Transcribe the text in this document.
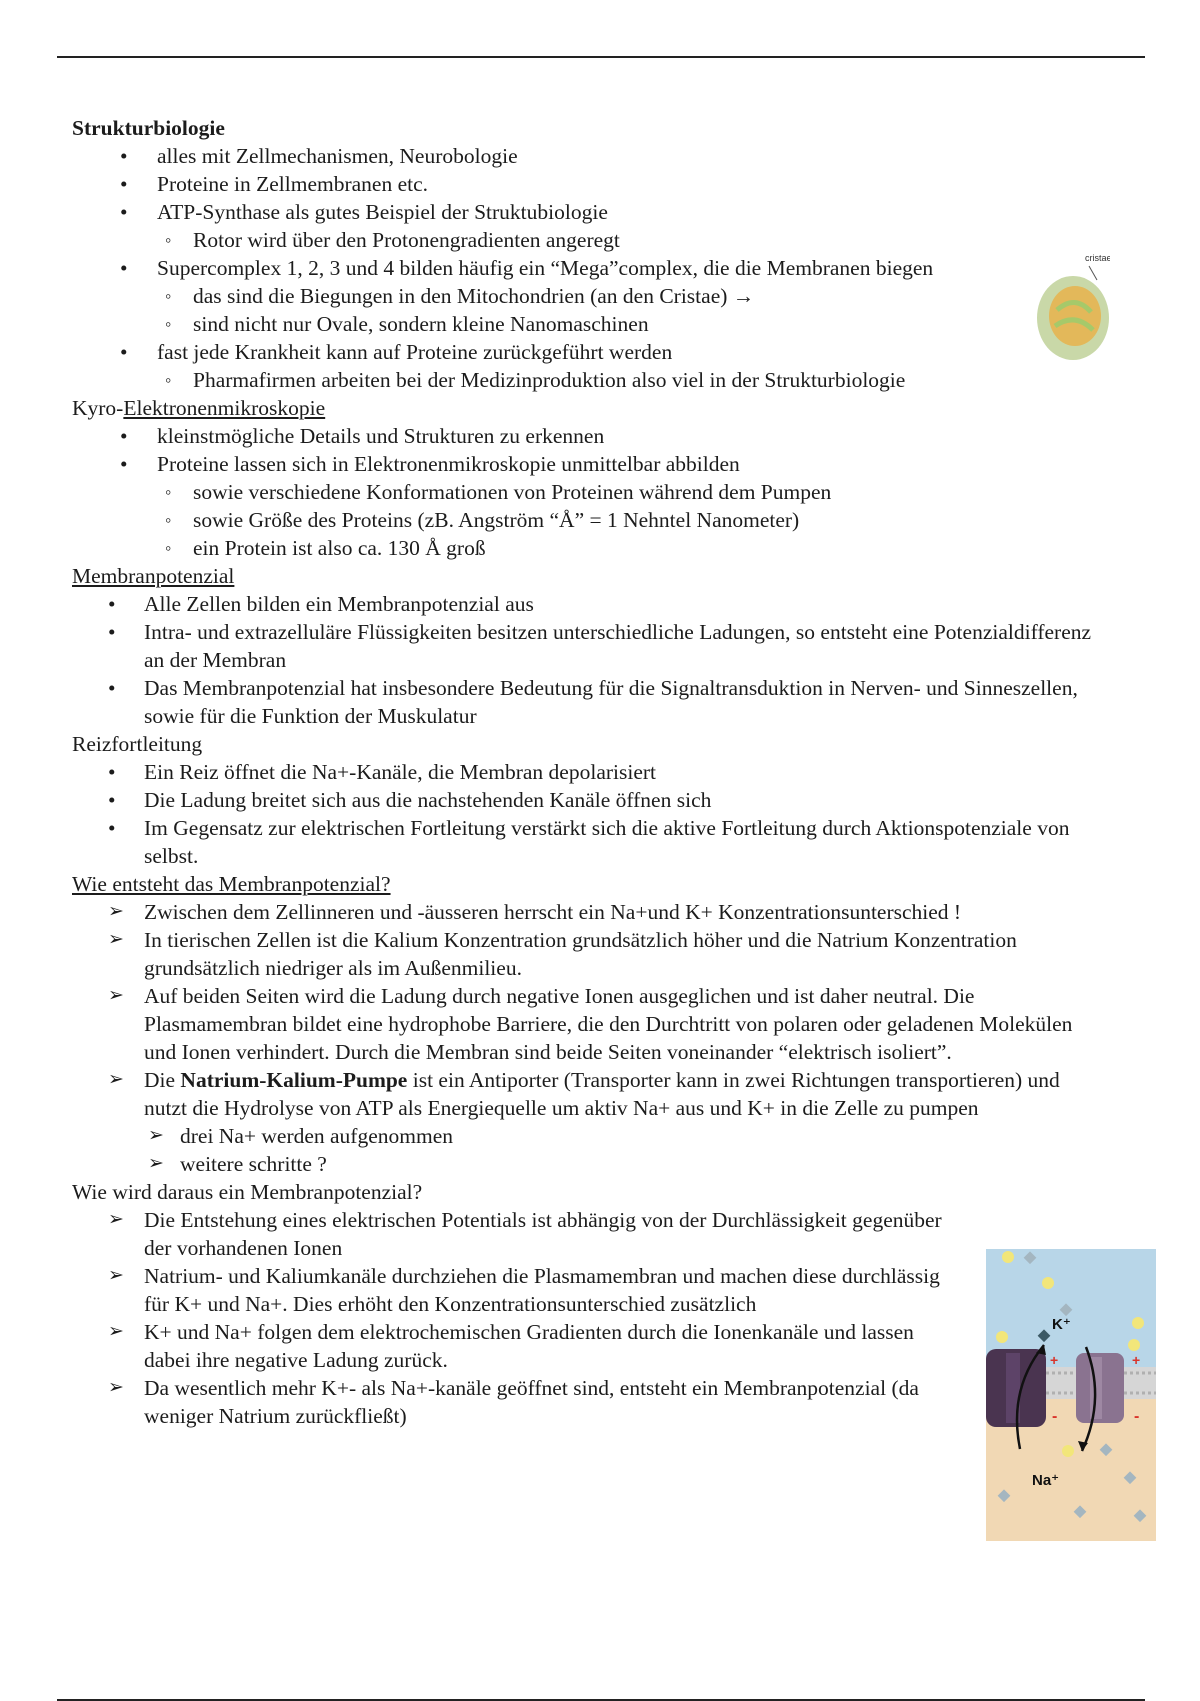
Strukturbiologie
• alles mit Zellmechanismen, Neurobologie
• Proteine in Zellmembranen etc.
• ATP-Synthase als gutes Beispiel der Struktubiologie
◦ Rotor wird über den Protonengradienten angeregt
• Supercomplex 1, 2, 3 und 4 bilden häufig ein “Mega”complex, die die Membranen biegen
◦ das sind die Biegungen in den Mitochondrien (an den Cristae) →
◦ sind nicht nur Ovale, sondern kleine Nanomaschinen
• fast jede Krankheit kann auf Proteine zurückgeführt werden
◦ Pharmafirmen arbeiten bei der Medizinproduktion also viel in der Strukturbiologie
Kyro-Elektronenmikroskopie
• kleinstmögliche Details und Strukturen zu erkennen
• Proteine lassen sich in Elektronenmikroskopie unmittelbar abbilden
◦ sowie verschiedene Konformationen von Proteinen während dem Pumpen
◦ sowie Größe des Proteins (zB. Angström “Å” = 1 Nehntel Nanometer)
◦ ein Protein ist also ca. 130 Å groß
Membranpotenzial
• Alle Zellen bilden ein Membranpotenzial aus
• Intra- und extrazelluläre Flüssigkeiten besitzen unterschiedliche Ladungen, so entsteht eine Potenzialdifferenz an der Membran
• Das Membranpotenzial hat insbesondere Bedeutung für die Signaltransduktion in Nerven- und Sinneszellen, sowie für die Funktion der Muskulatur
Reizfortleitung
• Ein Reiz öffnet die Na+-Kanäle, die Membran depolarisiert
• Die Ladung breitet sich aus die nachstehenden Kanäle öffnen sich
• Im Gegensatz zur elektrischen Fortleitung verstärkt sich die aktive Fortleitung durch Aktionspotenziale von selbst.
Wie entsteht das Membranpotenzial?
➢ Zwischen dem Zellinneren und -äusseren herrscht ein Na+und K+ Konzentrationsunterschied !
➢ In tierischen Zellen ist die Kalium Konzentration grundsätzlich höher und die Natrium Konzentration grundsätzlich niedriger als im Außenmilieu.
➢ Auf beiden Seiten wird die Ladung durch negative Ionen ausgeglichen und ist daher neutral. Die Plasmamembran bildet eine hydrophobe Barriere, die den Durchtritt von polaren oder geladenen Molekülen und Ionen verhindert. Durch die Membran sind beide Seiten voneinander “elektrisch isoliert”.
➢ Die Natrium-Kalium-Pumpe ist ein Antiporter (Transporter kann in zwei Richtungen transportieren) und nutzt die Hydrolyse von ATP als Energiequelle um aktiv Na+ aus und K+ in die Zelle zu pumpen
➢ drei Na+ werden aufgenommen
➢ weitere schritte ?
Wie wird daraus ein Membranpotenzial?
➢ Die Entstehung eines elektrischen Potentials ist abhängig von der Durchlässigkeit gegenüber der vorhandenen Ionen
➢ Natrium- und Kaliumkanäle durchziehen die Plasmamembran und machen diese durchlässig für K+ und Na+. Dies erhöht den Konzentrationsunterschied zusätzlich
➢ K+ und Na+ folgen dem elektrochemischen Gradienten durch die Ionenkanäle und lassen dabei ihre negative Ladung zurück.
➢ Da wesentlich mehr K+- als Na+-kanäle geöffnet sind, entsteht ein Membranpotenzial (da weniger Natrium zurückfließt)
cristae
K⁺
Na⁺
+	+
-	-
